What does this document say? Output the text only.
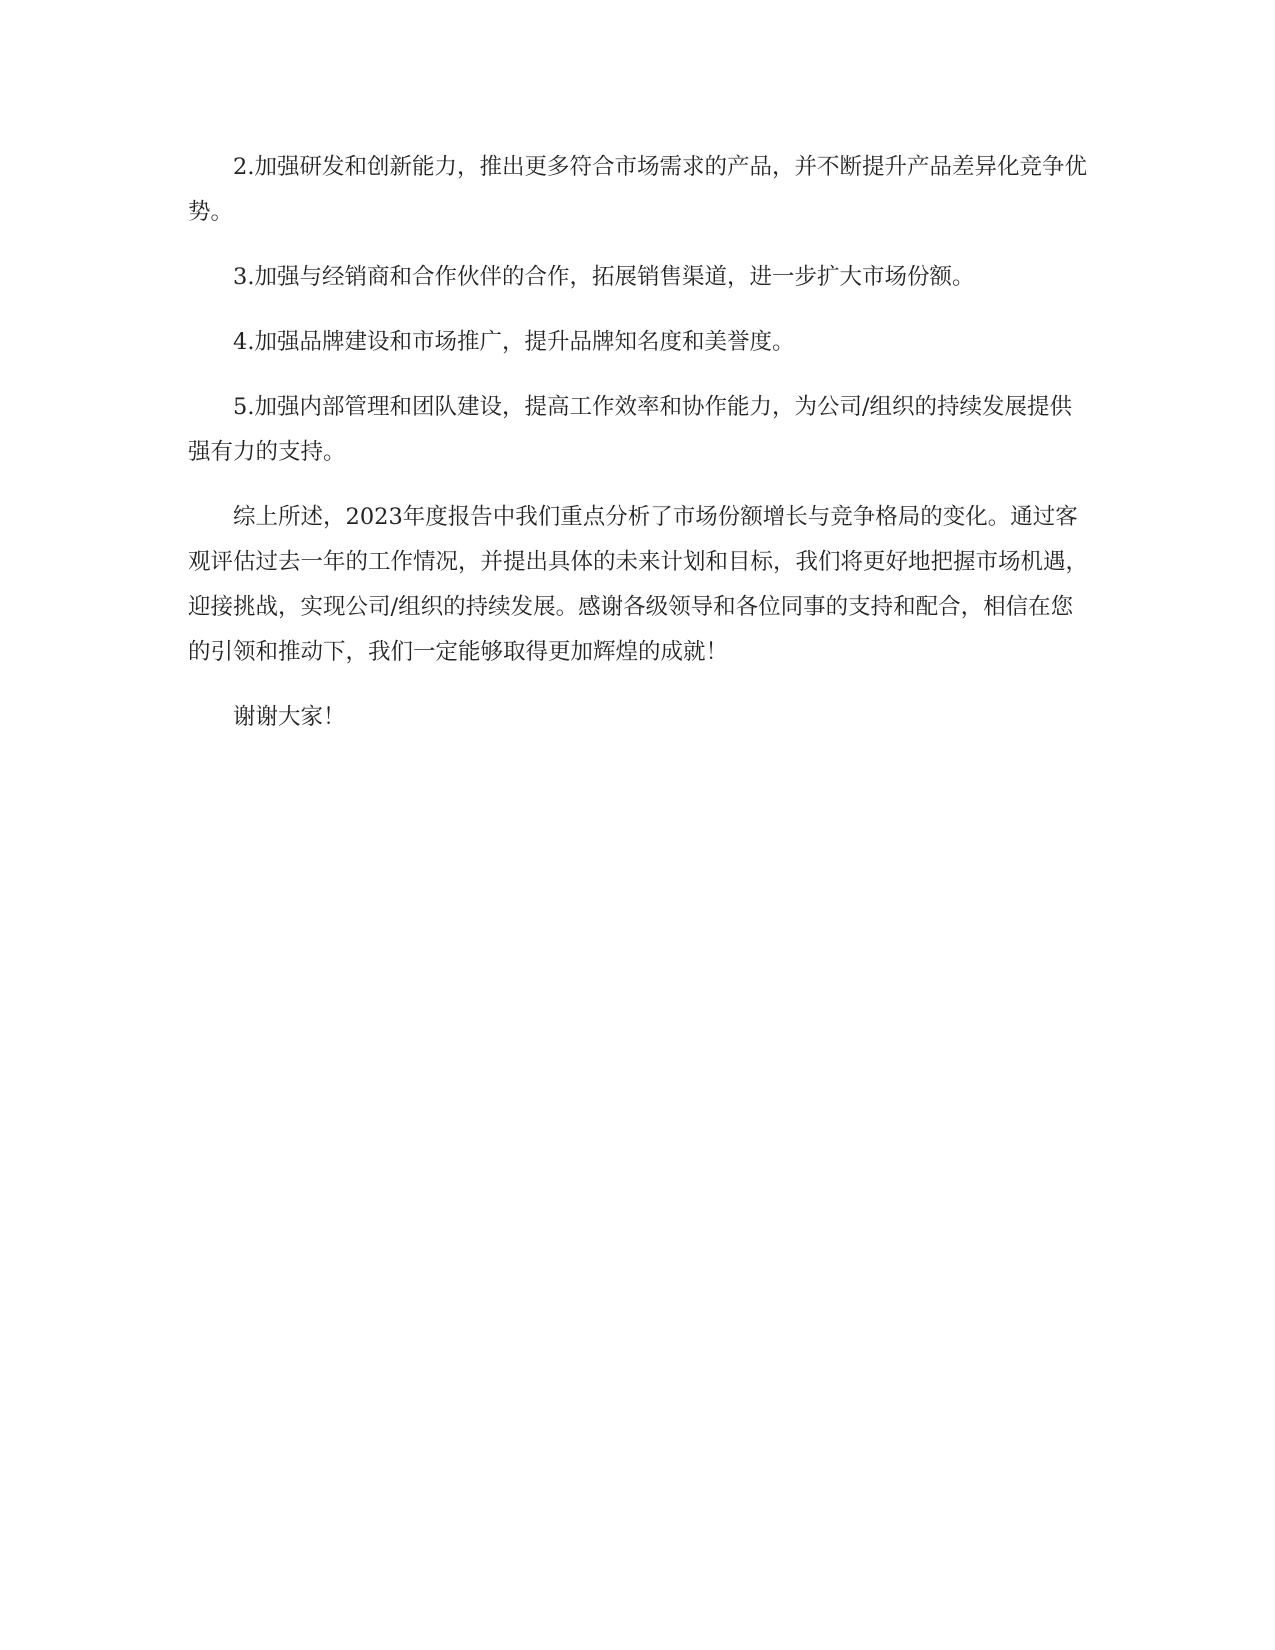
2.加强研发和创新能力，推出更多符合市场需求的产品，并不断提升产品差异化竞争优势。

3.加强与经销商和合作伙伴的合作，拓展销售渠道，进一步扩大市场份额。

4.加强品牌建设和市场推广，提升品牌知名度和美誉度。

5.加强内部管理和团队建设，提高工作效率和协作能力，为公司/组织的持续发展提供强有力的支持。

综上所述，2023年度报告中我们重点分析了市场份额增长与竞争格局的变化。通过客观评估过去一年的工作情况，并提出具体的未来计划和目标，我们将更好地把握市场机遇，迎接挑战，实现公司/组织的持续发展。感谢各级领导和各位同事的支持和配合，相信在您的引领和推动下，我们一定能够取得更加辉煌的成就！

谢谢大家！
